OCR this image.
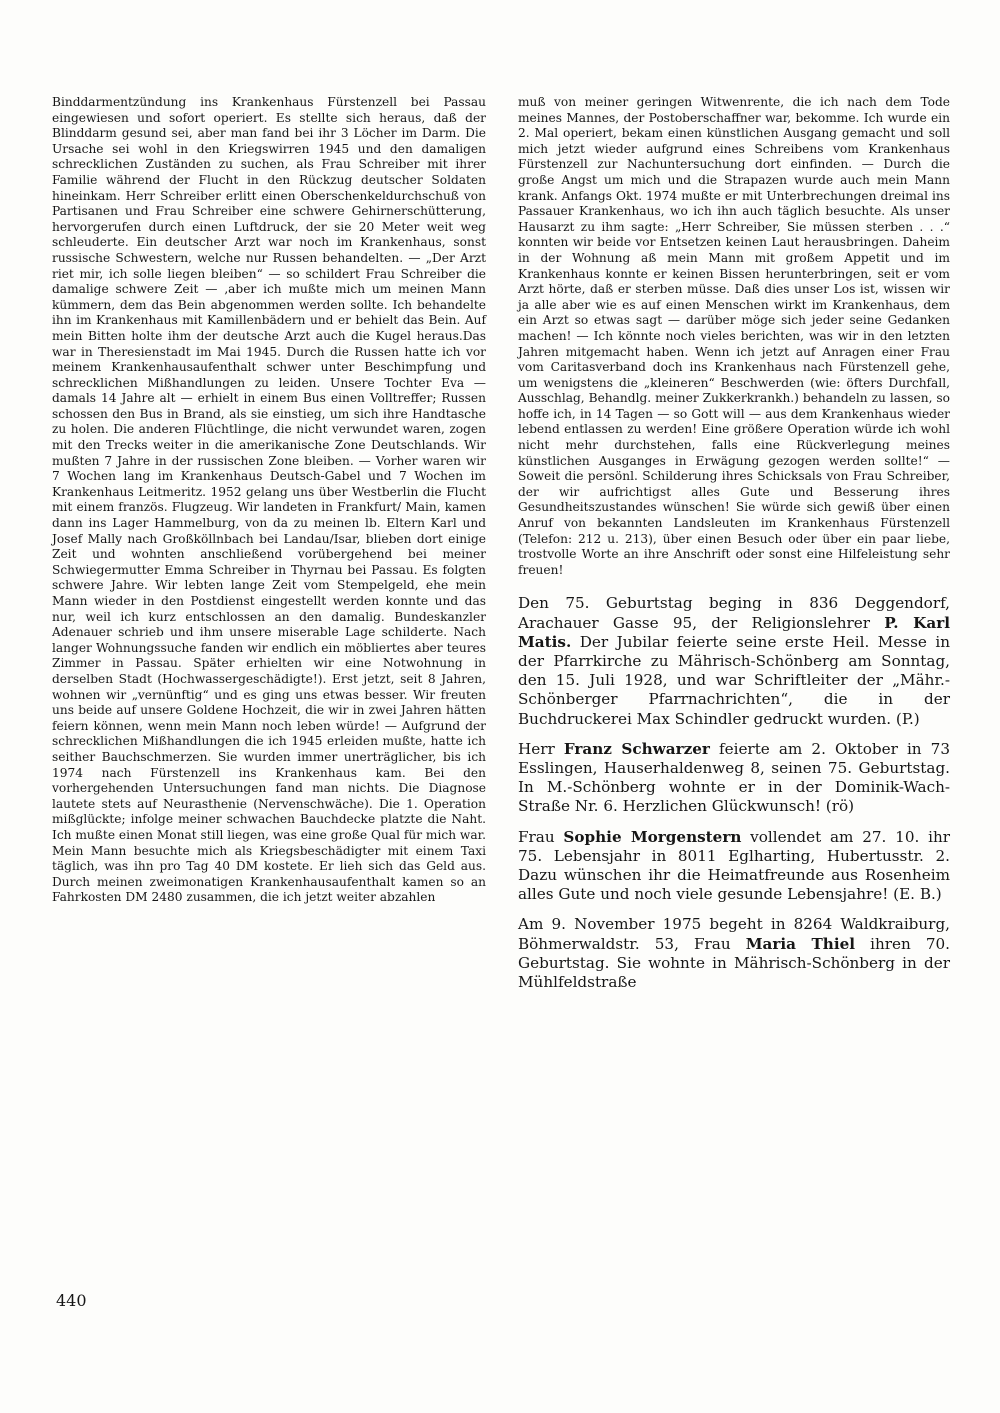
Binddarmentzündung ins Krankenhaus Fürstenzell bei Passau eingewiesen und sofort operiert. Es stellte sich heraus, daß der Blinddarm gesund sei, aber man fand bei ihr 3 Löcher im Darm. Die Ursache sei wohl in den Kriegswirren 1945 und den damaligen schrecklichen Zuständen zu suchen, als Frau Schreiber mit ihrer Familie während der Flucht in den Rückzug deutscher Soldaten hineinkam. Herr Schreiber erlitt einen Oberschenkeldurchschuß von Partisanen und Frau Schreiber eine schwere Gehirnerschütterung, hervorgerufen durch einen Luftdruck, der sie 20 Meter weit weg schleuderte. Ein deutscher Arzt war noch im Krankenhaus, sonst russische Schwestern, welche nur Russen behandelten. — „Der Arzt riet mir, ich solle liegen bleiben“ — so schildert Frau Schreiber die damalige schwere Zeit — ‚aber ich mußte mich um meinen Mann kümmern, dem das Bein abgenommen werden sollte. Ich behandelte ihn im Krankenhaus mit Kamillenbädern und er behielt das Bein. Auf mein Bitten holte ihm der deutsche Arzt auch die Kugel heraus.Das war in Theresienstadt im Mai 1945. Durch die Russen hatte ich vor meinem Krankenhausaufenthalt schwer unter Beschimpfung und schrecklichen Mißhandlungen zu leiden. Unsere Tochter Eva — damals 14 Jahre alt — erhielt in einem Bus einen Volltreffer; Russen schossen den Bus in Brand, als sie einstieg, um sich ihre Handtasche zu holen. Die anderen Flüchtlinge, die nicht verwundet waren, zogen mit den Trecks weiter in die amerikanische Zone Deutschlands. Wir mußten 7 Jahre in der russischen Zone bleiben. — Vorher waren wir 7 Wochen lang im Krankenhaus Deutsch-Gabel und 7 Wochen im Krankenhaus Leitmeritz. 1952 gelang uns über Westberlin die Flucht mit einem französ. Flugzeug. Wir landeten in Frankfurt/ Main, kamen dann ins Lager Hammelburg, von da zu meinen lb. Eltern Karl und Josef Mally nach Großköllnbach bei Landau/Isar, blieben dort einige Zeit und wohnten anschließend vorübergehend bei meiner Schwiegermutter Emma Schreiber in Thyrnau bei Passau. Es folgten schwere Jahre. Wir lebten lange Zeit vom Stempelgeld, ehe mein Mann wieder in den Postdienst eingestellt werden konnte und das nur, weil ich kurz entschlossen an den damalig. Bundeskanzler Adenauer schrieb und ihm unsere miserable Lage schilderte. Nach langer Wohnungssuche fanden wir endlich ein möbliertes aber teures Zimmer in Passau. Später erhielten wir eine Notwohnung in derselben Stadt (Hochwassergeschädigte!). Erst jetzt, seit 8 Jahren, wohnen wir „vernünftig“ und es ging uns etwas besser. Wir freuten uns beide auf unsere Goldene Hochzeit, die wir in zwei Jahren hätten feiern können, wenn mein Mann noch leben würde! — Aufgrund der schrecklichen Mißhandlungen die ich 1945 erleiden mußte, hatte ich seither Bauchschmerzen. Sie wurden immer unerträglicher, bis ich 1974 nach Fürstenzell ins Krankenhaus kam. Bei den vorhergehenden Untersuchungen fand man nichts. Die Diagnose lautete stets auf Neurasthenie (Nervenschwäche). Die 1. Operation mißglückte; infolge meiner schwachen Bauchdecke platzte die Naht. Ich mußte einen Monat still liegen, was eine große Qual für mich war. Mein Mann besuchte mich als Kriegsbeschädigter mit einem Taxi täglich, was ihn pro Tag 40 DM kostete. Er lieh sich das Geld aus. Durch meinen zweimonatigen Krankenhausaufenthalt kamen so an Fahrkosten DM 2480 zusammen, die ich jetzt weiter abzahlen

muß von meiner geringen Witwenrente, die ich nach dem Tode meines Mannes, der Postoberschaffner war, bekomme. Ich wurde ein 2. Mal operiert, bekam einen künstlichen Ausgang gemacht und soll mich jetzt wieder aufgrund eines Schreibens vom Krankenhaus Fürstenzell zur Nachuntersuchung dort einfinden. — Durch die große Angst um mich und die Strapazen wurde auch mein Mann krank. Anfangs Okt. 1974 mußte er mit Unterbrechungen dreimal ins Passauer Krankenhaus, wo ich ihn auch täglich besuchte. Als unser Hausarzt zu ihm sagte: „Herr Schreiber, Sie müssen sterben . . .“ konnten wir beide vor Entsetzen keinen Laut herausbringen. Daheim in der Wohnung aß mein Mann mit großem Appetit und im Krankenhaus konnte er keinen Bissen herunterbringen, seit er vom Arzt hörte, daß er sterben müsse. Daß dies unser Los ist, wissen wir ja alle aber wie es auf einen Menschen wirkt im Krankenhaus, dem ein Arzt so etwas sagt — darüber möge sich jeder seine Gedanken machen! — Ich könnte noch vieles berichten, was wir in den letzten Jahren mitgemacht haben. Wenn ich jetzt auf Anragen einer Frau vom Caritasverband doch ins Krankenhaus nach Fürstenzell gehe, um wenigstens die „kleineren“ Beschwerden (wie: öfters Durchfall, Ausschlag, Behandlg. meiner Zukkerkrankh.) behandeln zu lassen, so hoffe ich, in 14 Tagen — so Gott will — aus dem Krankenhaus wieder lebend entlassen zu werden! Eine größere Operation würde ich wohl nicht mehr durchstehen, falls eine Rückverlegung meines künstlichen Ausganges in Erwägung gezogen werden sollte!“ — Soweit die persönl. Schilderung ihres Schicksals von Frau Schreiber, der wir aufrichtigst alles Gute und Besserung ihres Gesundheitszustandes wünschen! Sie würde sich gewiß über einen Anruf von bekannten Landsleuten im Krankenhaus Fürstenzell (Telefon: 212 u. 213), über einen Besuch oder über ein paar liebe, trostvolle Worte an ihre Anschrift oder sonst eine Hilfeleistung sehr freuen!

Den 75. Geburtstag beging in 836 Deggendorf, Arachauer Gasse 95, der Religionslehrer P. Karl Matis. Der Jubilar feierte seine erste Heil. Messe in der Pfarrkirche zu Mährisch-Schönberg am Sonntag, den 15. Juli 1928, und war Schriftleiter der „Mähr.-Schönberger Pfarrnachrichten“, die in der Buchdruckerei Max Schindler gedruckt wurden. (P.)

Herr Franz Schwarzer feierte am 2. Oktober in 73 Esslingen, Hauserhaldenweg 8, seinen 75. Geburtstag. In M.-Schönberg wohnte er in der Dominik-Wach-Straße Nr. 6. Herzlichen Glückwunsch! (rö)

Frau Sophie Morgenstern vollendet am 27. 10. ihr 75. Lebensjahr in 8011 Eglharting, Hubertusstr. 2. Dazu wünschen ihr die Heimatfreunde aus Rosenheim alles Gute und noch viele gesunde Lebensjahre! (E. B.)

Am 9. November 1975 begeht in 8264 Waldkraiburg, Böhmerwaldstr. 53, Frau Maria Thiel ihren 70. Geburtstag. Sie wohnte in Mährisch-Schönberg in der Mühlfeldstraße

440
